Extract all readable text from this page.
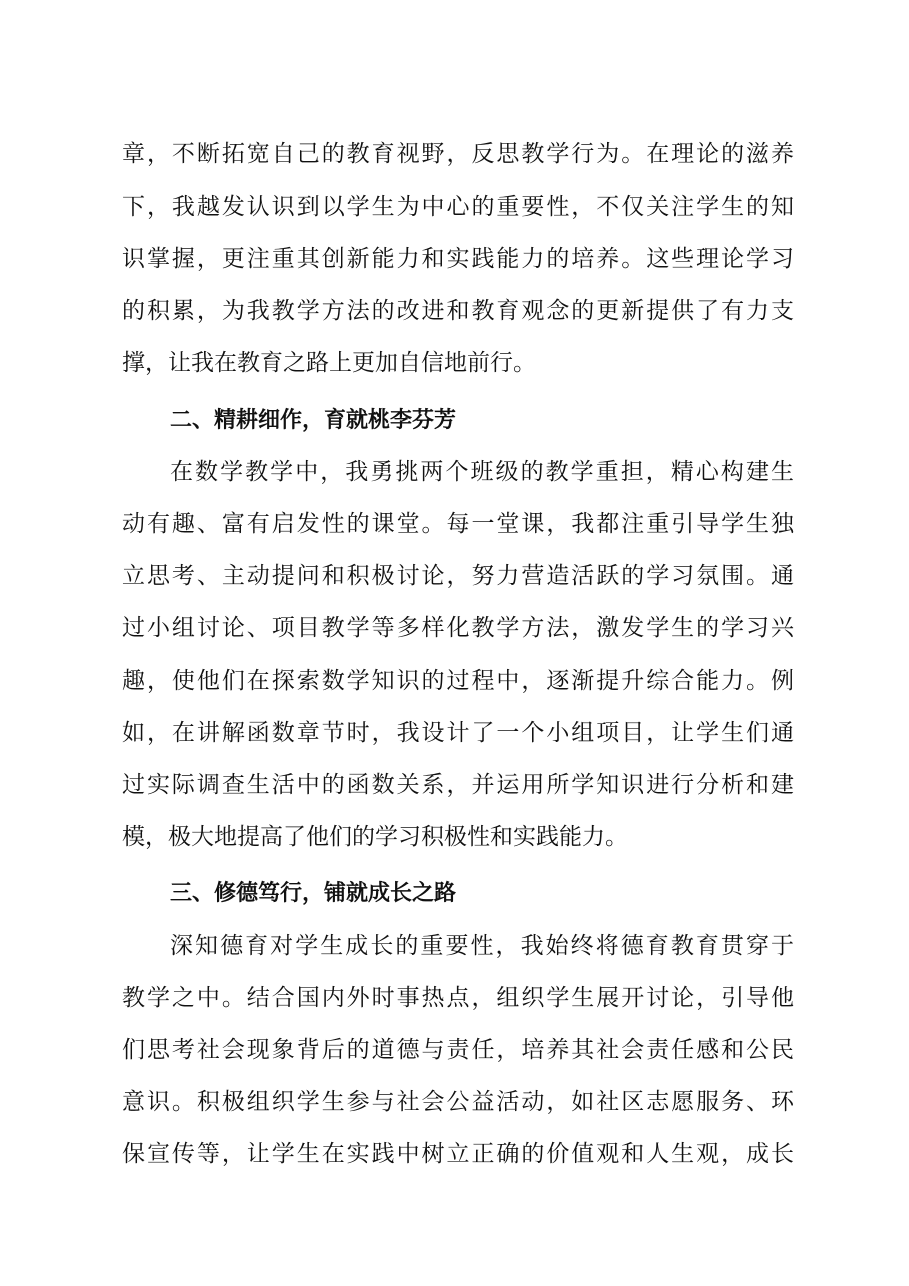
章，不断拓宽自己的教育视野，反思教学行为。在理论的滋养
下，我越发认识到以学生为中心的重要性，不仅关注学生的知
识掌握，更注重其创新能力和实践能力的培养。这些理论学习
的积累，为我教学方法的改进和教育观念的更新提供了有力支
撑，让我在教育之路上更加自信地前行。
二、精耕细作，育就桃李芬芳
在数学教学中，我勇挑两个班级的教学重担，精心构建生
动有趣、富有启发性的课堂。每一堂课，我都注重引导学生独
立思考、主动提问和积极讨论，努力营造活跃的学习氛围。通
过小组讨论、项目教学等多样化教学方法，激发学生的学习兴
趣，使他们在探索数学知识的过程中，逐渐提升综合能力。例
如，在讲解函数章节时，我设计了一个小组项目，让学生们通
过实际调查生活中的函数关系，并运用所学知识进行分析和建
模，极大地提高了他们的学习积极性和实践能力。
三、修德笃行，铺就成长之路
深知德育对学生成长的重要性，我始终将德育教育贯穿于
教学之中。结合国内外时事热点，组织学生展开讨论，引导他
们思考社会现象背后的道德与责任，培养其社会责任感和公民
意识。积极组织学生参与社会公益活动，如社区志愿服务、环
保宣传等，让学生在实践中树立正确的价值观和人生观，成长
